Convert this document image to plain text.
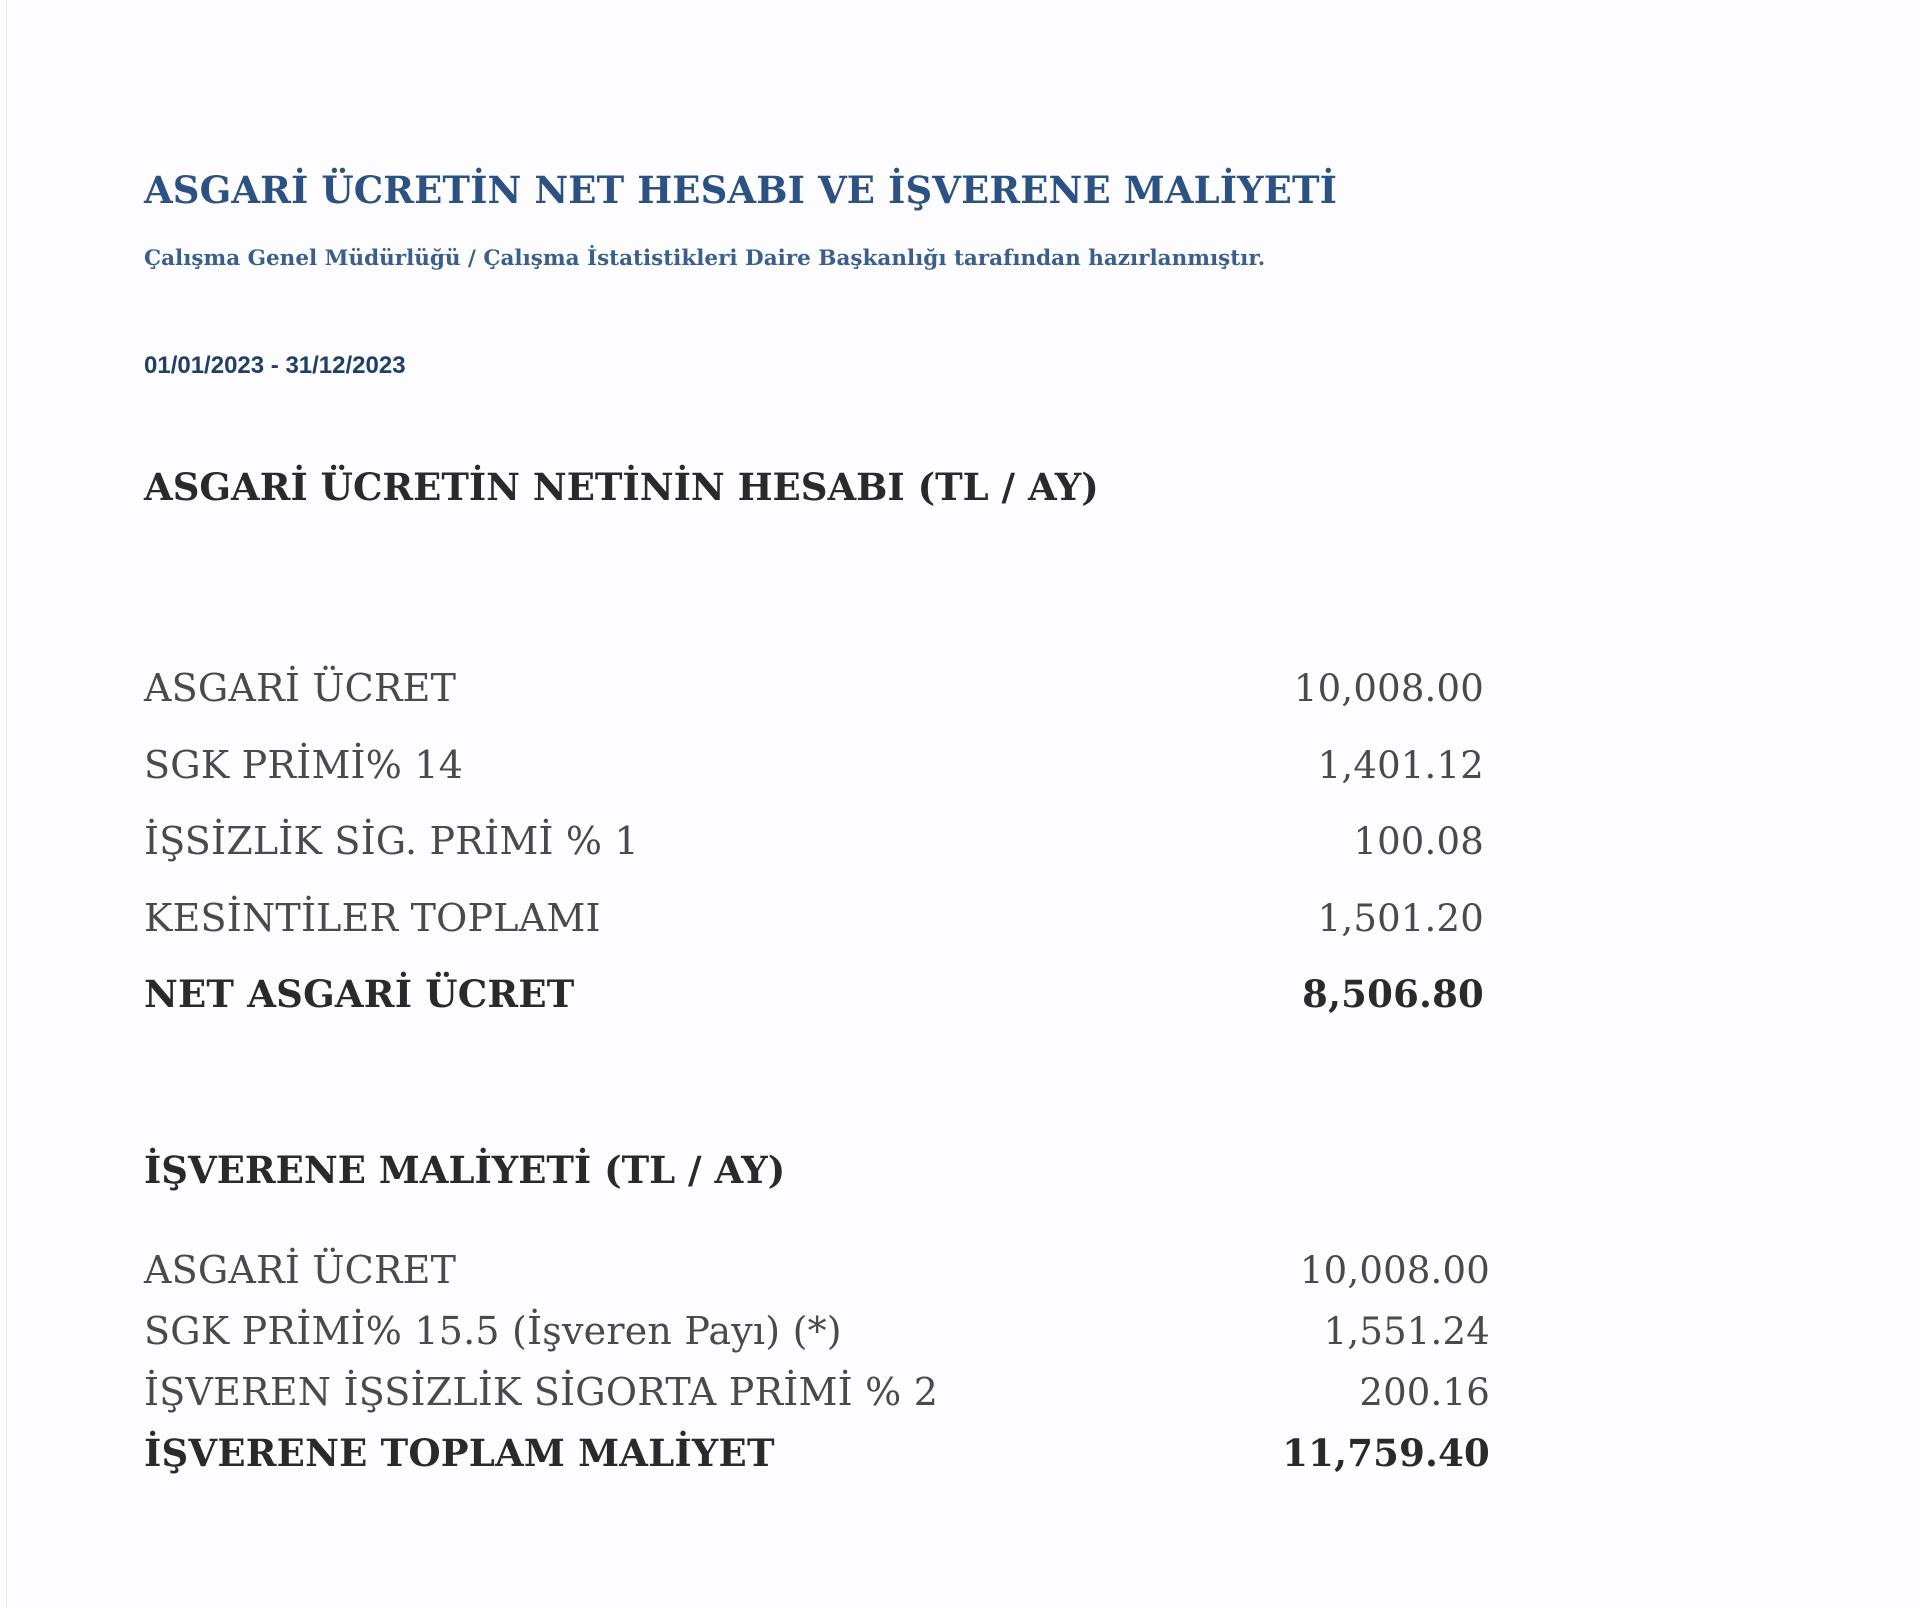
ASGARİ ÜCRETİN NET HESABI VE İŞVERENE MALİYETİ

Çalışma Genel Müdürlüğü / Çalışma İstatistikleri Daire Başkanlığı tarafından hazırlanmıştır.

01/01/2023 - 31/12/2023

ASGARİ ÜCRETİN NETİNİN HESABI (TL / AY)
ASGARİ ÜCRET	10,008.00
SGK PRİMİ% 14	1,401.12
İŞSİZLİK SİG. PRİMİ % 1	100.08
KESİNTİLER TOPLAMI	1,501.20
NET ASGARİ ÜCRET	8,506.80
İŞVERENE MALİYETİ (TL / AY)
ASGARİ ÜCRET	10,008.00
SGK PRİMİ% 15.5 (İşveren Payı) (*)	1,551.24
İŞVEREN İŞSİZLİK SİGORTA PRİMİ % 2	200.16
İŞVERENE TOPLAM MALİYET	11,759.40
